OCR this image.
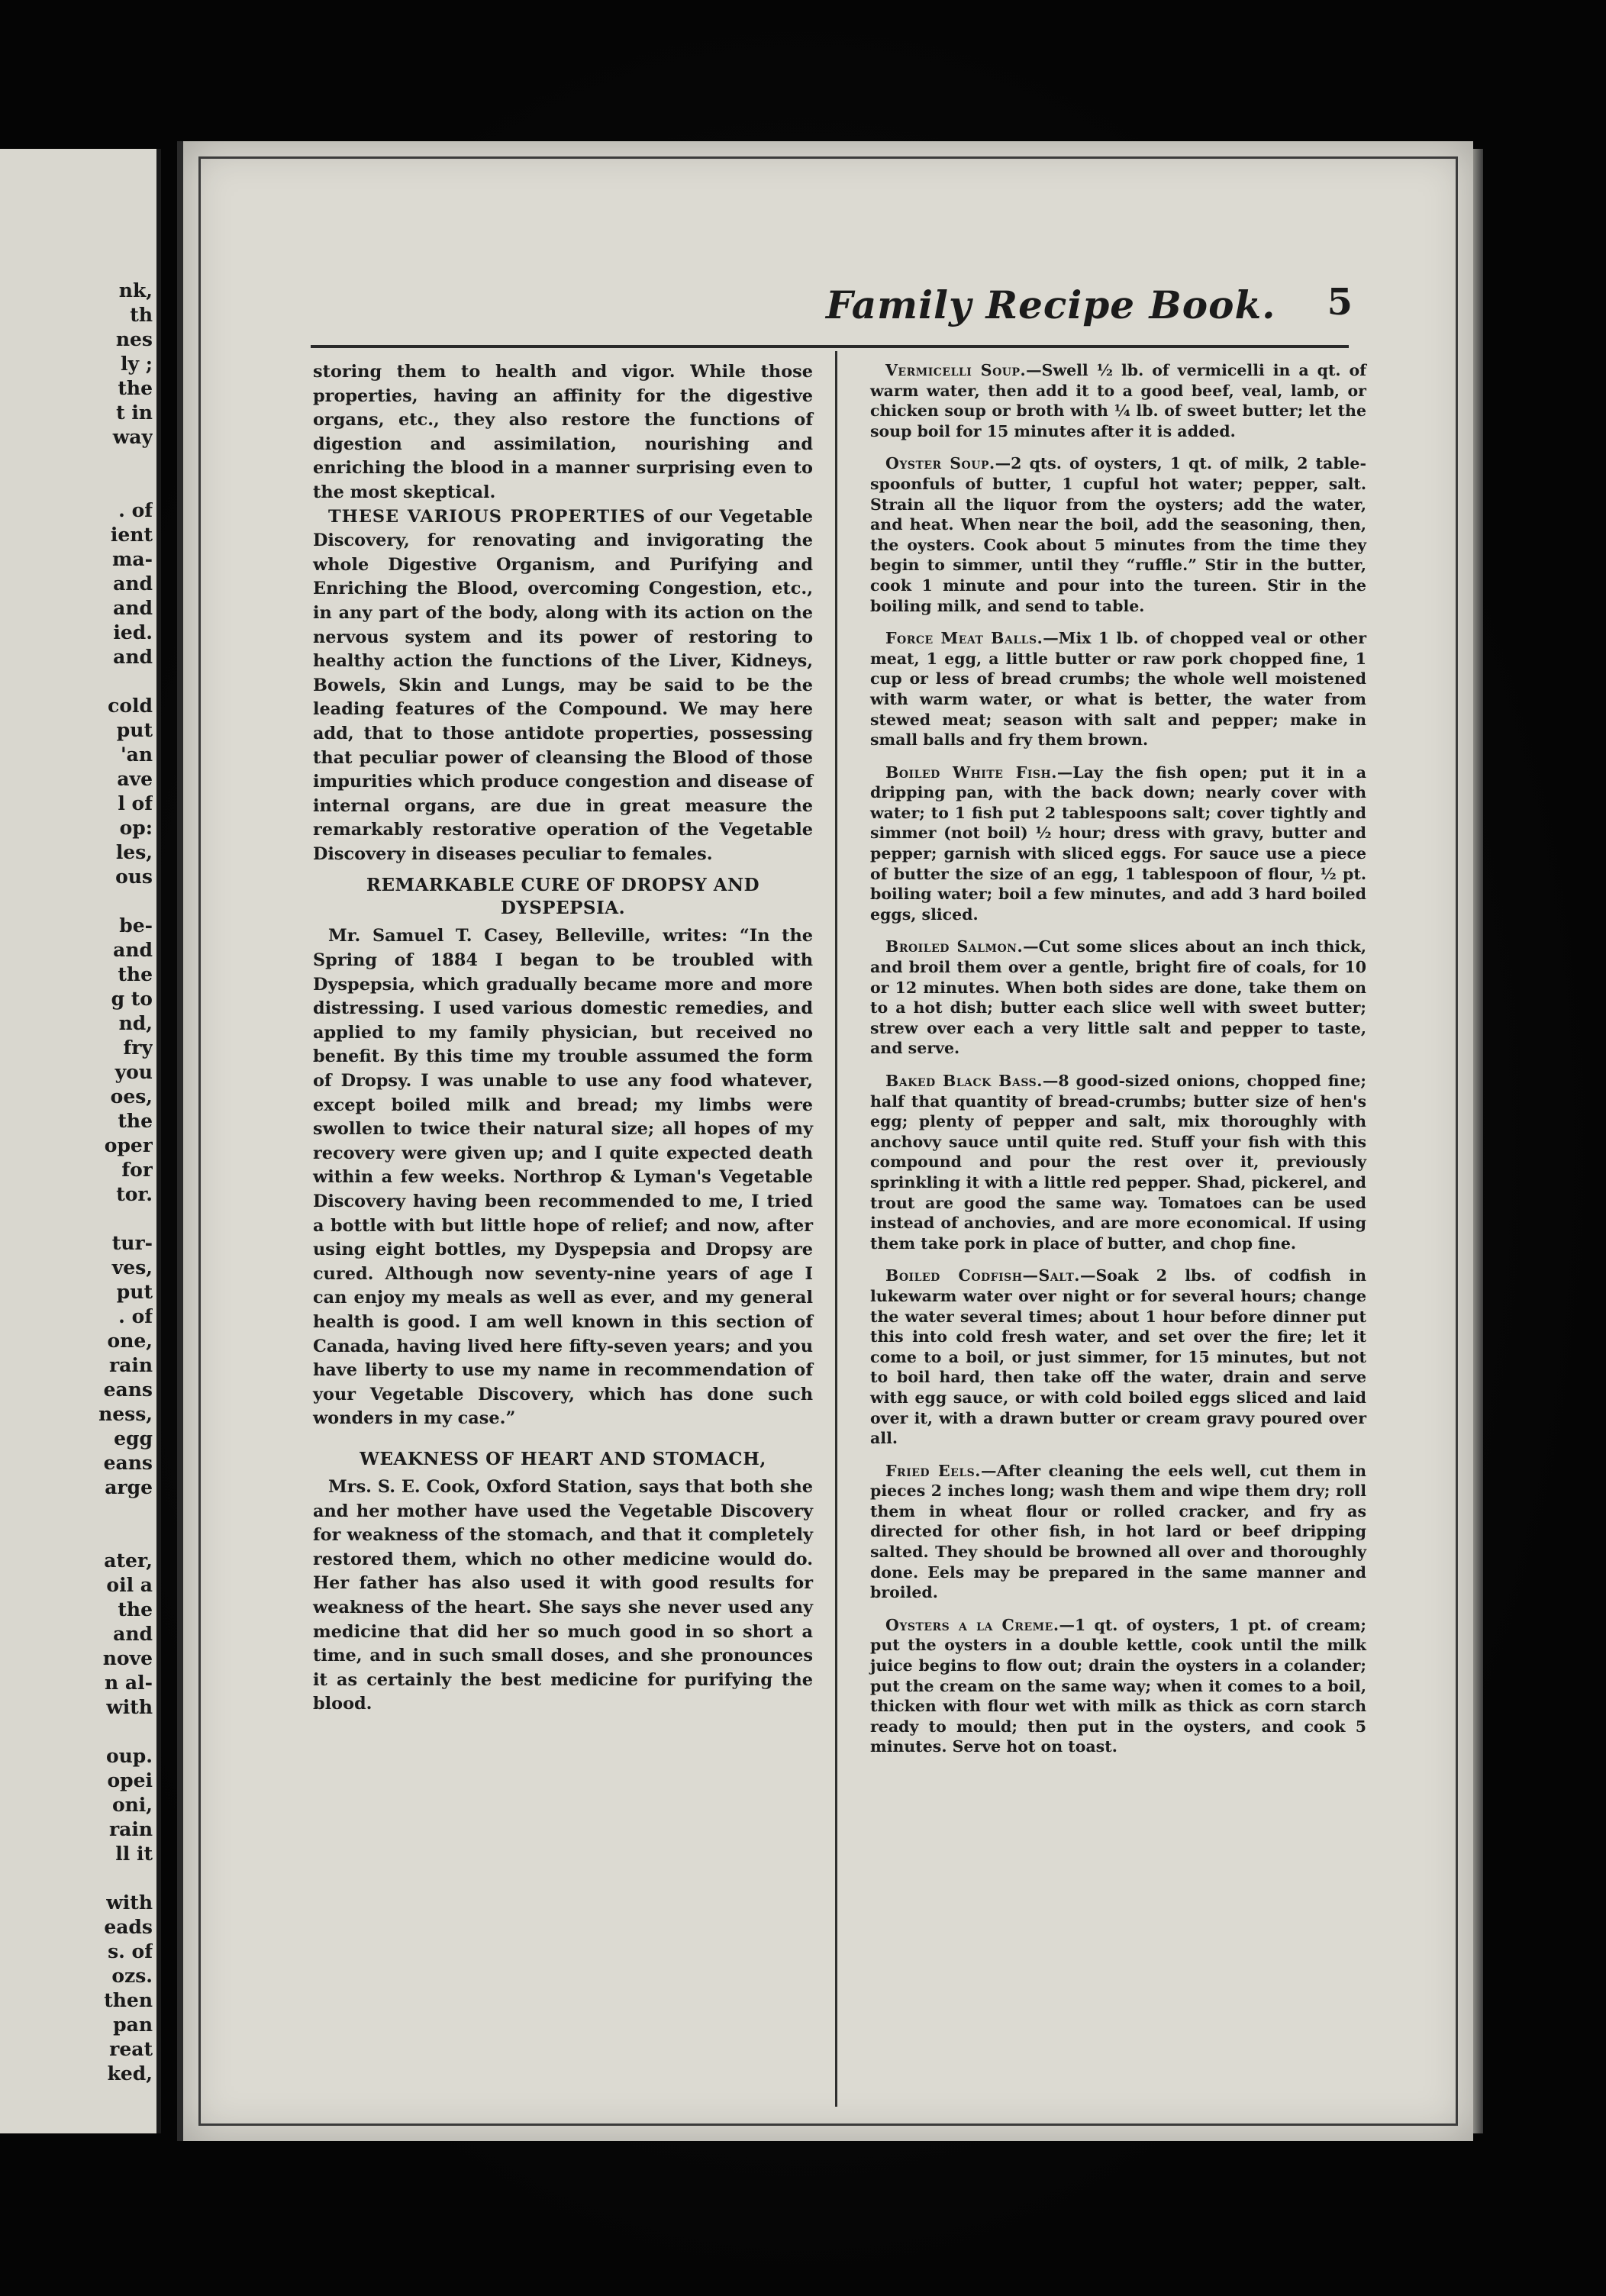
nk,
th
nes
ly ;
the
t in
way
. of
ient
ma-
and
and
ied.
and
cold
put
'an
ave
l of
op:
les,
ous
be-
and
the
g to
nd,
fry
you
oes,
the
oper
for
tor.
tur-
ves,
put
. of
one,
rain
eans
ness,
egg
eans
arge
ater,
oil a
the
and
nove
n al-
with
oup.
opei
oni,
rain
ll it
with
eads
s. of
ozs.
then
pan
reat
ked,
Family Recipe Book. 5

storing them to health and vigor. While those properties, having an affinity for the digestive organs, etc., they also restore the functions of digestion and assimilation, nourishing and enriching the blood in a manner surprising even to the most skeptical.

THESE VARIOUS PROPERTIES of our Vegetable Discovery, for renovating and invigorating the whole Digestive Organism, and Purifying and Enriching the Blood, overcoming Congestion, etc., in any part of the body, along with its action on the nervous system and its power of restoring to healthy action the functions of the Liver, Kidneys, Bowels, Skin and Lungs, may be said to be the leading features of the Compound. We may here add, that to those antidote properties, possessing that peculiar power of cleansing the Blood of those impurities which produce congestion and disease of internal organs, are due in great measure the remarkably restorative operation of the Vegetable Discovery in diseases peculiar to females.

REMARKABLE CURE OF DROPSY AND DYSPEPSIA.

Mr. Samuel T. Casey, Belleville, writes: “In the Spring of 1884 I began to be troubled with Dyspepsia, which gradually became more and more distressing. I used various domestic remedies, and applied to my family physician, but received no benefit. By this time my trouble assumed the form of Dropsy. I was unable to use any food whatever, except boiled milk and bread; my limbs were swollen to twice their natural size; all hopes of my recovery were given up; and I quite expected death within a few weeks. Northrop & Lyman's Vegetable Discovery having been recommended to me, I tried a bottle with but little hope of relief; and now, after using eight bottles, my Dyspepsia and Dropsy are cured. Although now seventy-nine years of age I can enjoy my meals as well as ever, and my general health is good. I am well known in this section of Canada, having lived here fifty-seven years; and you have liberty to use my name in recommendation of your Vegetable Discovery, which has done such wonders in my case.”

WEAKNESS OF HEART AND STOMACH,

Mrs. S. E. Cook, Oxford Station, says that both she and her mother have used the Vegetable Discovery for weakness of the stomach, and that it completely restored them, which no other medicine would do. Her father has also used it with good results for weakness of the heart. She says she never used any medicine that did her so much good in so short a time, and in such small doses, and she pronounces it as certainly the best medicine for purifying the blood.

Vermicelli Soup.—Swell ½ lb. of vermicelli in a qt. of warm water, then add it to a good beef, veal, lamb, or chicken soup or broth with ¼ lb. of sweet butter; let the soup boil for 15 minutes after it is added.

Oyster Soup.—2 qts. of oysters, 1 qt. of milk, 2 table-spoonfuls of butter, 1 cupful hot water; pepper, salt. Strain all the liquor from the oysters; add the water, and heat. When near the boil, add the seasoning, then, the oysters. Cook about 5 minutes from the time they begin to simmer, until they “ruffle.” Stir in the butter, cook 1 minute and pour into the tureen. Stir in the boiling milk, and send to table.

Force Meat Balls.—Mix 1 lb. of chopped veal or other meat, 1 egg, a little butter or raw pork chopped fine, 1 cup or less of bread crumbs; the whole well moistened with warm water, or what is better, the water from stewed meat; season with salt and pepper; make in small balls and fry them brown.

Boiled White Fish.—Lay the fish open; put it in a dripping pan, with the back down; nearly cover with water; to 1 fish put 2 tablespoons salt; cover tightly and simmer (not boil) ½ hour; dress with gravy, butter and pepper; garnish with sliced eggs. For sauce use a piece of butter the size of an egg, 1 tablespoon of flour, ½ pt. boiling water; boil a few minutes, and add 3 hard boiled eggs, sliced.

Broiled Salmon.—Cut some slices about an inch thick, and broil them over a gentle, bright fire of coals, for 10 or 12 minutes. When both sides are done, take them on to a hot dish; butter each slice well with sweet butter; strew over each a very little salt and pepper to taste, and serve.

Baked Black Bass.—8 good-sized onions, chopped fine; half that quantity of bread-crumbs; butter size of hen's egg; plenty of pepper and salt, mix thoroughly with anchovy sauce until quite red. Stuff your fish with this compound and pour the rest over it, previously sprinkling it with a little red pepper. Shad, pickerel, and trout are good the same way. Tomatoes can be used instead of anchovies, and are more economical. If using them take pork in place of butter, and chop fine.

Boiled Codfish—Salt.—Soak 2 lbs. of codfish in lukewarm water over night or for several hours; change the water several times; about 1 hour before dinner put this into cold fresh water, and set over the fire; let it come to a boil, or just simmer, for 15 minutes, but not to boil hard, then take off the water, drain and serve with egg sauce, or with cold boiled eggs sliced and laid over it, with a drawn butter or cream gravy poured over all.

Fried Eels.—After cleaning the eels well, cut them in pieces 2 inches long; wash them and wipe them dry; roll them in wheat flour or rolled cracker, and fry as directed for other fish, in hot lard or beef dripping salted. They should be browned all over and thoroughly done. Eels may be prepared in the same manner and broiled.

Oysters a la Creme.—1 qt. of oysters, 1 pt. of cream; put the oysters in a double kettle, cook until the milk juice begins to flow out; drain the oysters in a colander; put the cream on the same way; when it comes to a boil, thicken with flour wet with milk as thick as corn starch ready to mould; then put in the oysters, and cook 5 minutes. Serve hot on toast.
